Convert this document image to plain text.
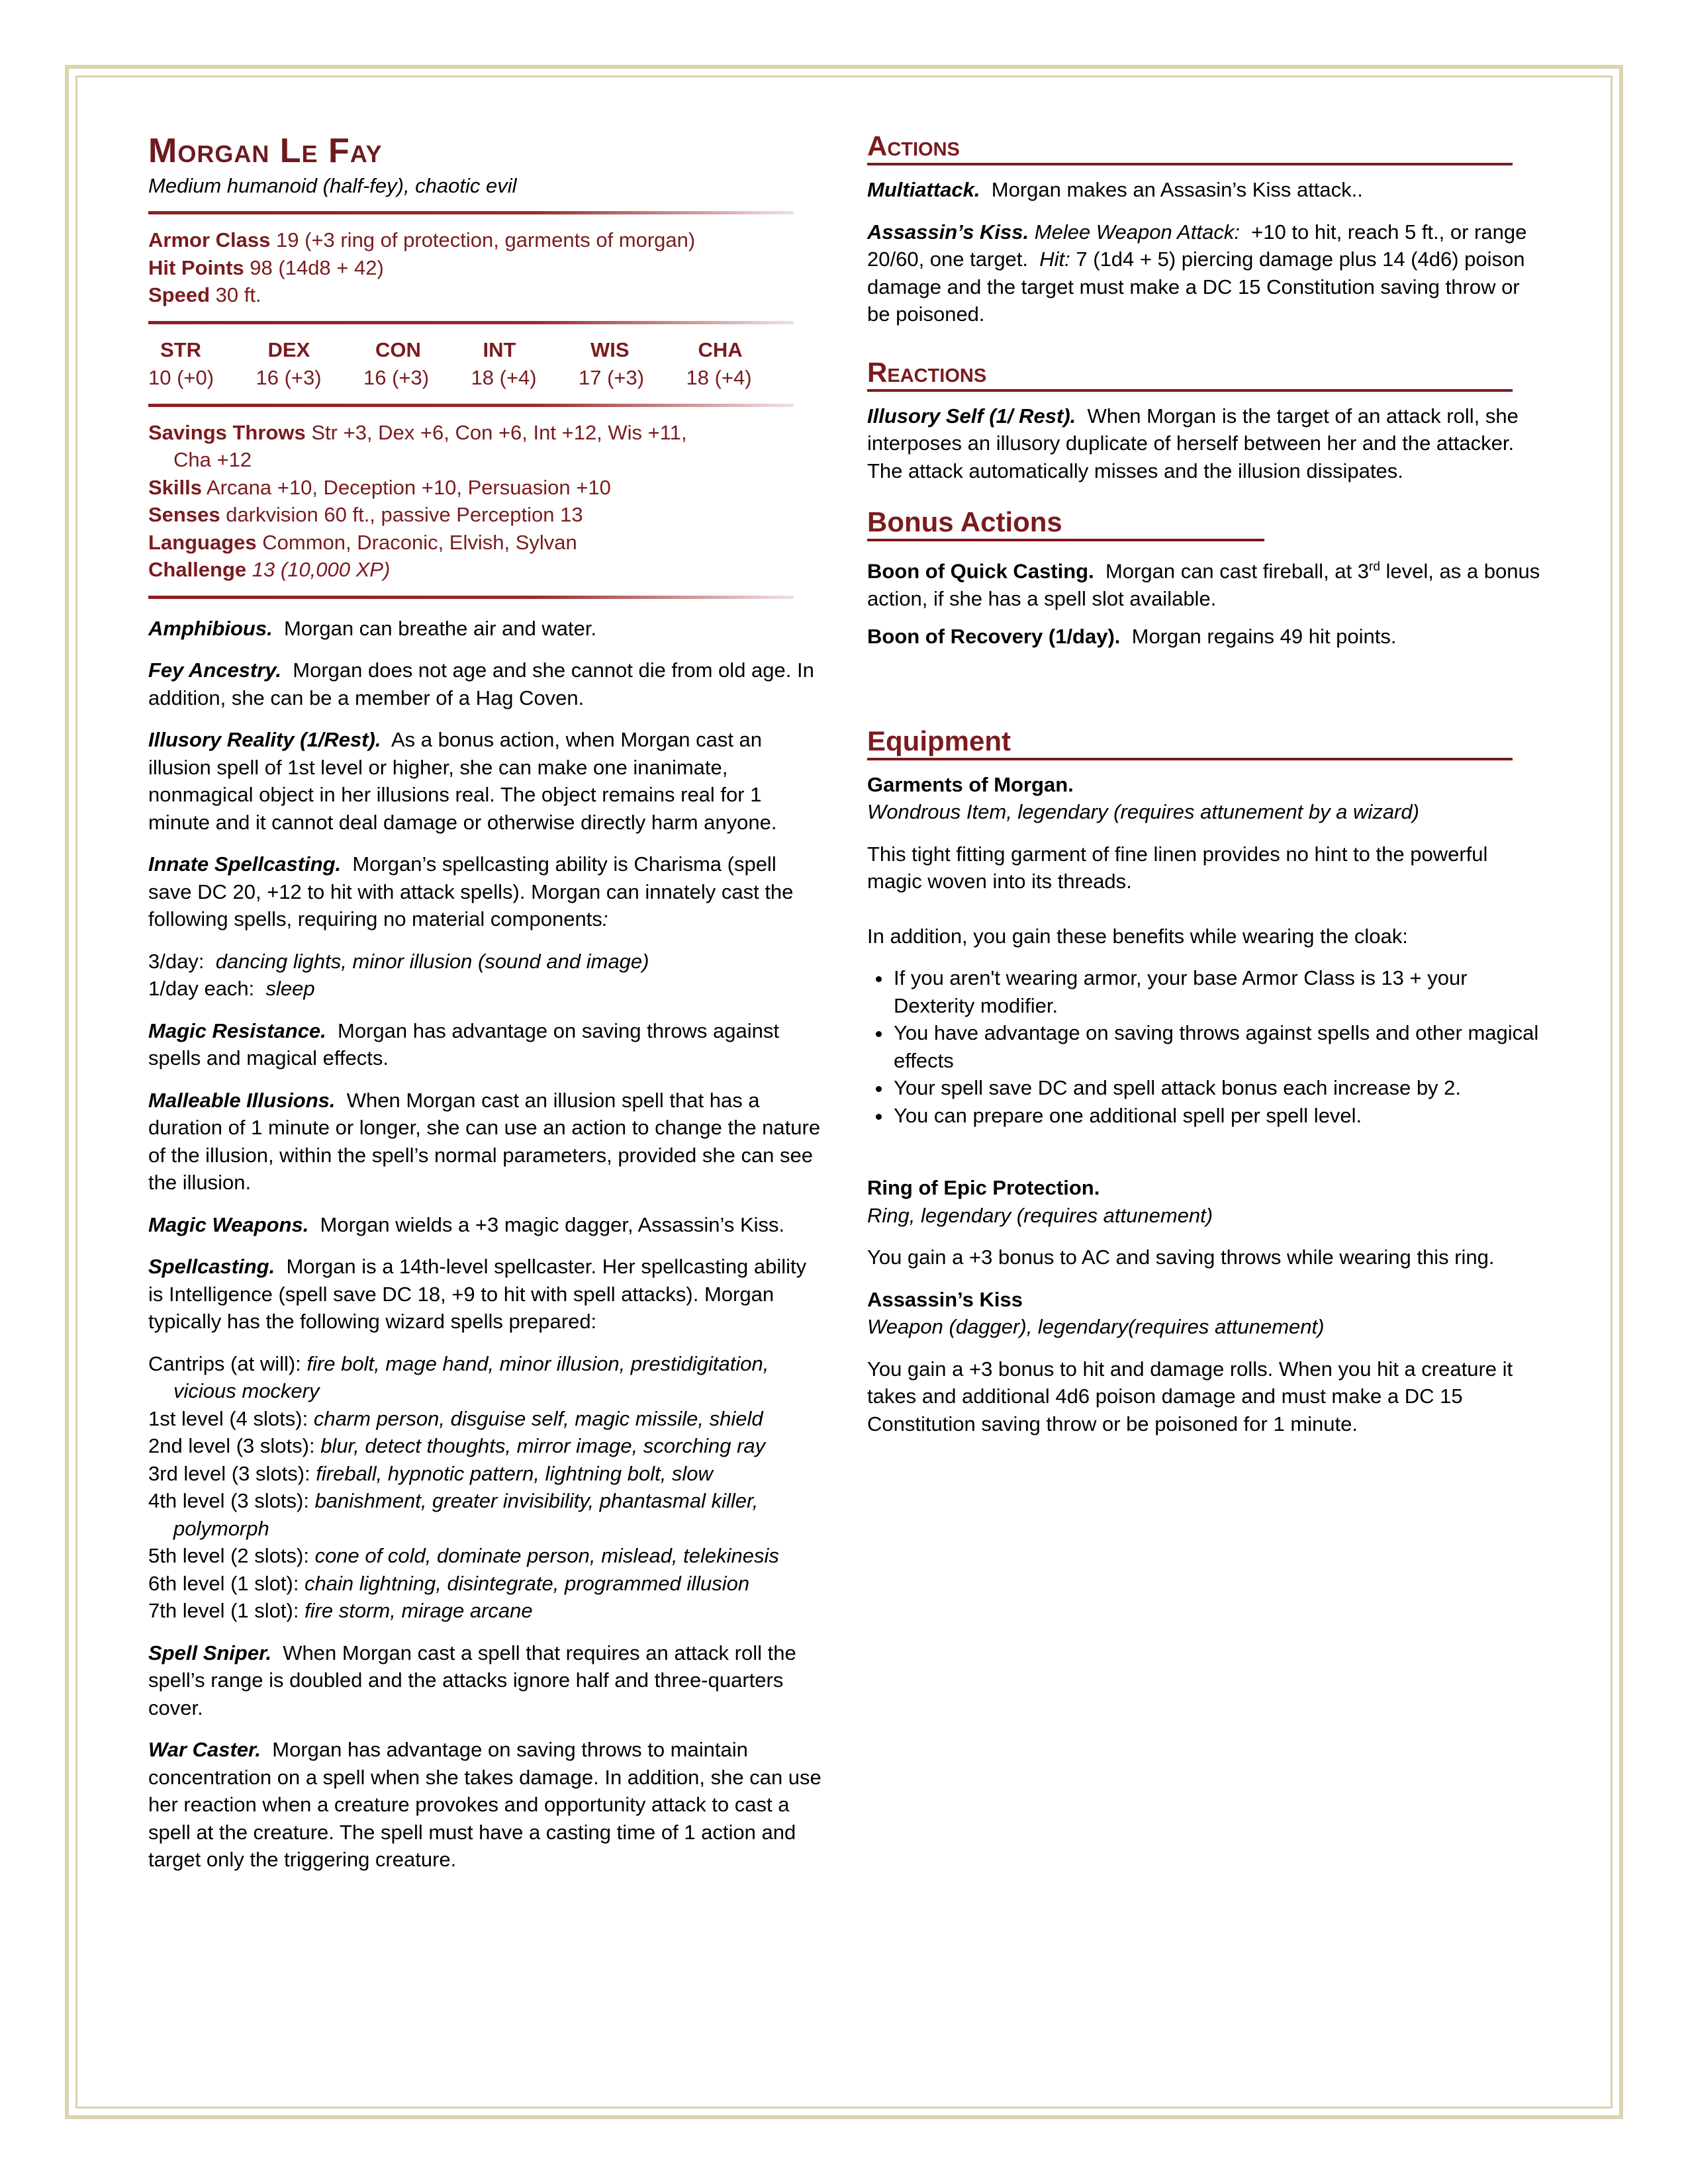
Morgan Le Fay

Medium humanoid (half-fey), chaotic evil

Armor Class 19 (+3 ring of protection, garments of morgan)

Hit Points 98 (14d8 + 42)

Speed 30 ft.

STR
10 (+0)
DEX
16 (+3)
CON
16 (+3)
INT
18 (+4)
WIS
17 (+3)
CHA
18 (+4)

Savings Throws Str +3, Dex +6, Con +6, Int +12, Wis +11,

Cha +12

Skills Arcana +10, Deception +10, Persuasion +10

Senses darkvision 60 ft., passive Perception 13

Languages Common, Draconic, Elvish, Sylvan

Challenge 13 (10,000 XP)

Amphibious. Morgan can breathe air and water.

Fey Ancestry. Morgan does not age and she cannot die from old age. In addition, she can be a member of a Hag Coven.

Illusory Reality (1/Rest). As a bonus action, when Morgan cast an illusion spell of 1st level or higher, she can make one inanimate, nonmagical object in her illusions real. The object remains real for 1 minute and it cannot deal damage or otherwise directly harm anyone.

Innate Spellcasting. Morgan’s spellcasting ability is Charisma (spell save DC 20, +12 to hit with attack spells). Morgan can innately cast the following spells, requiring no material components:

3/day: dancing lights, minor illusion (sound and image)

1/day each: sleep

Magic Resistance. Morgan has advantage on saving throws against spells and magical effects.

Malleable Illusions. When Morgan cast an illusion spell that has a duration of 1 minute or longer, she can use an action to change the nature of the illusion, within the spell’s normal parameters, provided she can see the illusion.

Magic Weapons. Morgan wields a +3 magic dagger, Assassin’s Kiss.

Spellcasting. Morgan is a 14th-level spellcaster. Her spellcasting ability is Intelligence (spell save DC 18, +9 to hit with spell attacks). Morgan typically has the following wizard spells prepared:

Cantrips (at will): fire bolt, mage hand, minor illusion, prestidigitation, vicious mockery

1st level (4 slots): charm person, disguise self, magic missile, shield

2nd level (3 slots): blur, detect thoughts, mirror image, scorching ray

3rd level (3 slots): fireball, hypnotic pattern, lightning bolt, slow

4th level (3 slots): banishment, greater invisibility, phantasmal killer, polymorph

5th level (2 slots): cone of cold, dominate person, mislead, telekinesis

6th level (1 slot): chain lightning, disintegrate, programmed illusion

7th level (1 slot): fire storm, mirage arcane

Spell Sniper. When Morgan cast a spell that requires an attack roll the spell’s range is doubled and the attacks ignore half and three-quarters cover.

War Caster. Morgan has advantage on saving throws to maintain concentration on a spell when she takes damage. In addition, she can use her reaction when a creature provokes and opportunity attack to cast a spell at the creature. The spell must have a casting time of 1 action and target only the triggering creature.

Actions

Multiattack. Morgan makes an Assasin’s Kiss attack..

Assassin’s Kiss. Melee Weapon Attack: +10 to hit, reach 5 ft., or range 20/60, one target. Hit: 7 (1d4 + 5) piercing damage plus 14 (4d6) poison damage and the target must make a DC 15 Constitution saving throw or be poisoned.

Reactions

Illusory Self (1/ Rest). When Morgan is the target of an attack roll, she interposes an illusory duplicate of herself between her and the attacker. The attack automatically misses and the illusion dissipates.

Bonus Actions

Boon of Quick Casting. Morgan can cast fireball, at 3rd level, as a bonus action, if she has a spell slot available.

Boon of Recovery (1/day). Morgan regains 49 hit points.

Equipment

Garments of Morgan.

Wondrous Item, legendary (requires attunement by a wizard)

This tight fitting garment of fine linen provides no hint to the powerful magic woven into its threads.

In addition, you gain these benefits while wearing the cloak:

• If you aren't wearing armor, your base Armor Class is 13 + your Dexterity modifier.
• You have advantage on saving throws against spells and other magical effects
• Your spell save DC and spell attack bonus each increase by 2.
• You can prepare one additional spell per spell level.

Ring of Epic Protection.

Ring, legendary (requires attunement)

You gain a +3 bonus to AC and saving throws while wearing this ring.

Assassin’s Kiss

Weapon (dagger), legendary(requires attunement)

You gain a +3 bonus to hit and damage rolls. When you hit a creature it takes and additional 4d6 poison damage and must make a DC 15 Constitution saving throw or be poisoned for 1 minute.
